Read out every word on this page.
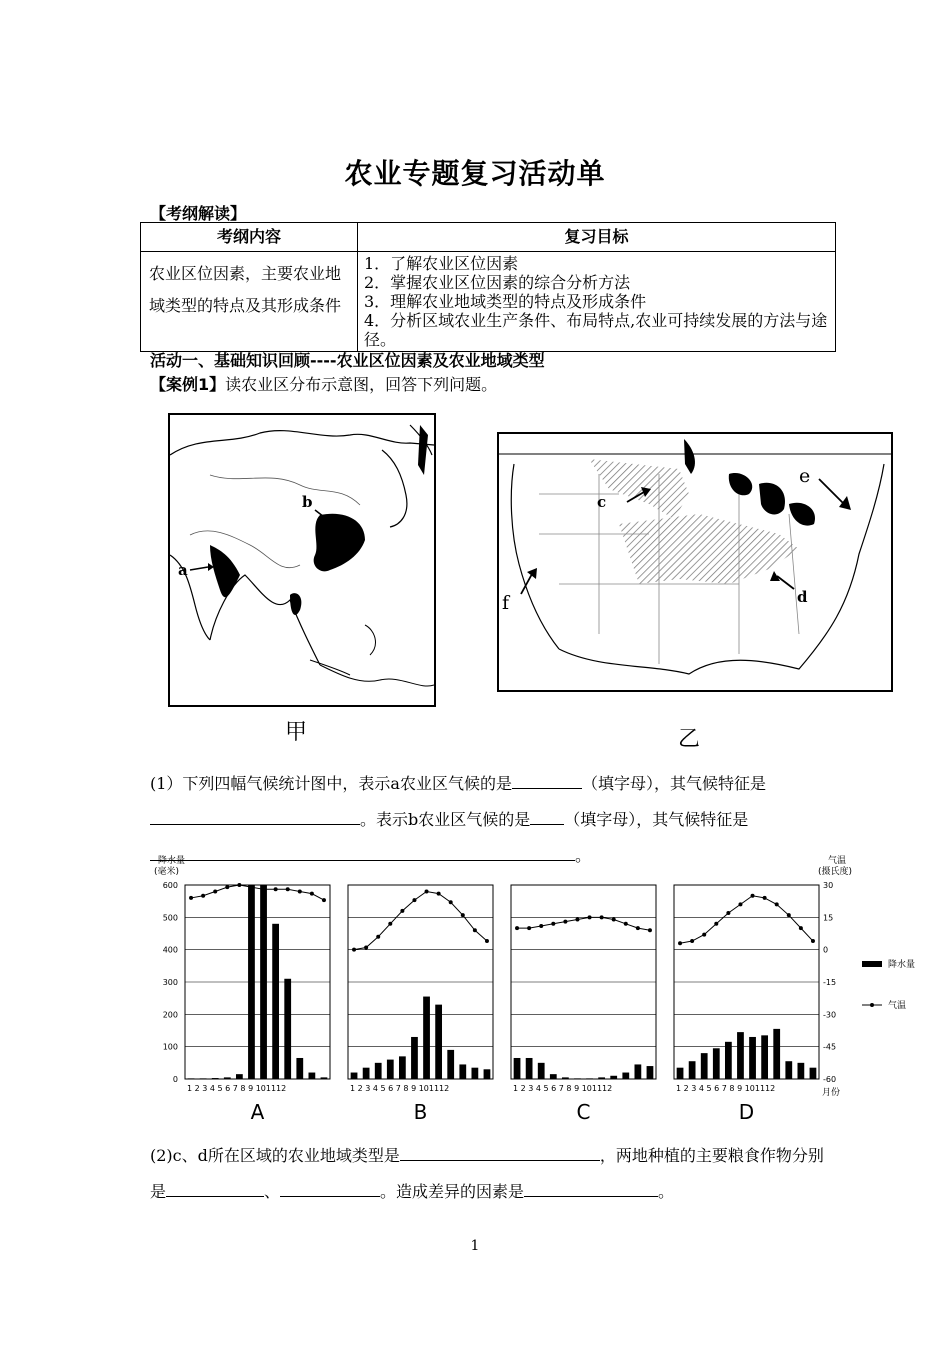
农业专题复习活动单
【考纲解读】
考纲内容	复习目标
农业区位因素，主要农业地域类型的特点及其形成条件	1．了解农业区位因素
2．掌握农业区位因素的综合分析方法
3．理解农业地域类型的特点及形成条件
4．分析区域农业生产条件、布局特点,农业可持续发展的方法与途径。
活动一、基础知识回顾----农业区位因素及农业地域类型
【案例1】读农业区分布示意图，回答下列问题。
a
b
甲
c
d
e
f
乙
(1）下列四幅气候统计图中，表示a农业区气候的是	（填字母），其气候特征是。表示b农业区气候的是 （填字母），其气候特征是。
降水量
(毫米)
气温
(摄氏度)
月份
降水量
气温
600
500
400
300
200
100
0
30
15
0
-15
-30
-45
-60
1 2 3 4 5 6 7 8 9 101112
A
1 2 3 4 5 6 7 8 9 101112
B
1 2 3 4 5 6 7 8 9 101112
C
1 2 3 4 5 6 7 8 9 101112
D
(2)c、d所在区域的农业地域类型是	，两地种植的主要粮食作物分别是	、	。造成差异的因素是	。
1
